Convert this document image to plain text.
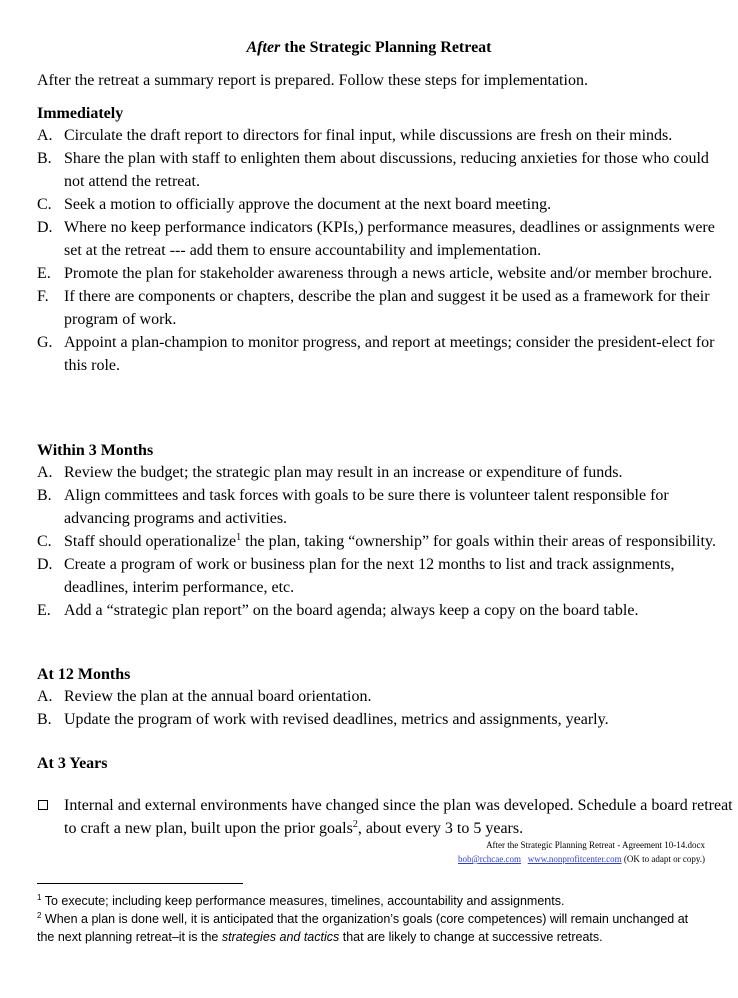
After the Strategic Planning Retreat
After the retreat a summary report is prepared. Follow these steps for implementation.
Immediately
A. Circulate the draft report to directors for final input, while discussions are fresh on their minds.
B. Share the plan with staff to enlighten them about discussions, reducing anxieties for those who could not attend the retreat.
C. Seek a motion to officially approve the document at the next board meeting.
D. Where no keep performance indicators (KPIs,) performance measures, deadlines or assignments were set at the retreat --- add them to ensure accountability and implementation.
E. Promote the plan for stakeholder awareness through a news article, website and/or member brochure.
F. If there are components or chapters, describe the plan and suggest it be used as a framework for their program of work.
G. Appoint a plan-champion to monitor progress, and report at meetings; consider the president-elect for this role.
Within 3 Months
A. Review the budget; the strategic plan may result in an increase or expenditure of funds.
B. Align committees and task forces with goals to be sure there is volunteer talent responsible for advancing programs and activities.
C. Staff should operationalize$^1$ the plan, taking “ownership” for goals within their areas of responsibility.
D. Create a program of work or business plan for the next 12 months to list and track assignments, deadlines, interim performance, etc.
E. Add a “strategic plan report” on the board agenda; always keep a copy on the board table.
At 12 Months
A. Review the plan at the annual board orientation.
B. Update the program of work with revised deadlines, metrics and assignments, yearly.
At 3 Years
Internal and external environments have changed since the plan was developed. Schedule a board retreat to craft a new plan, built upon the prior goals$^2$, about every 3 to 5 years.
After the Strategic Planning Retreat - Agreement 10-14.docx
bob@rchcae.com www.nonprofitcenter.com (OK to adapt or copy.)

$^1$ To execute; including keep performance measures, timelines, accountability and assignments.

$^2$ When a plan is done well, it is anticipated that the organization’s goals (core competences) will remain unchanged at the next planning retreat–it is the strategies and tactics that are likely to change at successive retreats.
